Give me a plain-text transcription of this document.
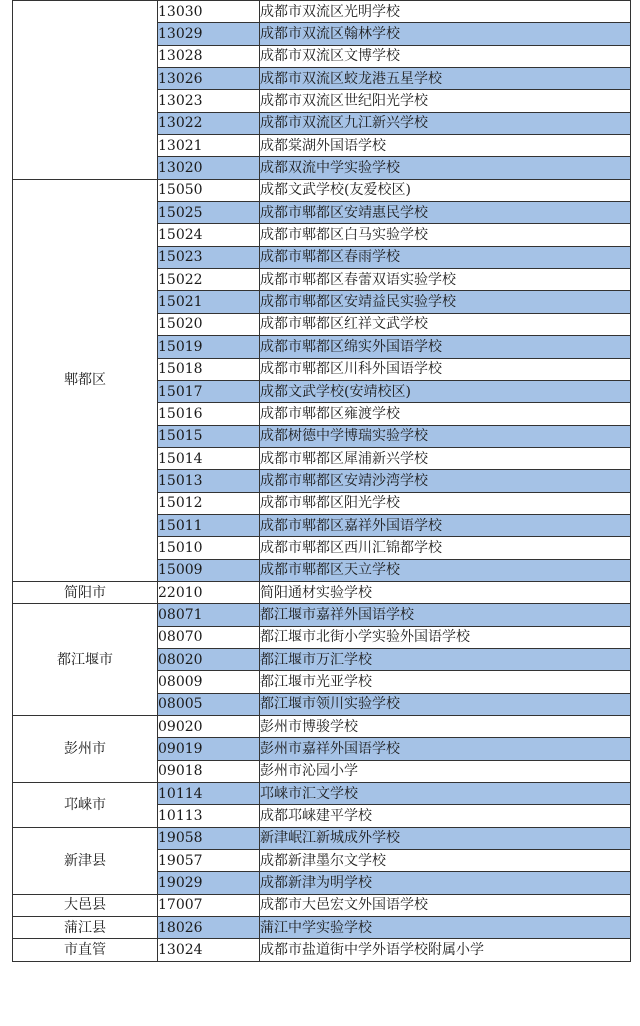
	13030	成都市双流区光明学校
	13029	成都市双流区翰林学校
	13028	成都市双流区文博学校
	13026	成都市双流区蛟龙港五星学校
	13023	成都市双流区世纪阳光学校
	13022	成都市双流区九江新兴学校
	13021	成都棠湖外国语学校
	13020	成都双流中学实验学校
郫都区	15050	成都文武学校(友爱校区)
	15025	成都市郫都区安靖惠民学校
	15024	成都市郫都区白马实验学校
	15023	成都市郫都区春雨学校
	15022	成都市郫都区春蕾双语实验学校
	15021	成都市郫都区安靖益民实验学校
	15020	成都市郫都区红祥文武学校
	15019	成都市郫都区绵实外国语学校
	15018	成都市郫都区川科外国语学校
	15017	成都文武学校(安靖校区)
	15016	成都市郫都区雍渡学校
	15015	成都树德中学博瑞实验学校
	15014	成都市郫都区犀浦新兴学校
	15013	成都市郫都区安靖沙湾学校
	15012	成都市郫都区阳光学校
	15011	成都市郫都区嘉祥外国语学校
	15010	成都市郫都区西川汇锦都学校
	15009	成都市郫都区天立学校
简阳市	22010	简阳通材实验学校
都江堰市	08071	都江堰市嘉祥外国语学校
	08070	都江堰市北街小学实验外国语学校
	08020	都江堰市万汇学校
	08009	都江堰市光亚学校
	08005	都江堰市领川实验学校
彭州市	09020	彭州市博骏学校
	09019	彭州市嘉祥外国语学校
	09018	彭州市沁园小学
邛崃市	10114	邛崃市汇文学校
	10113	成都邛崃建平学校
新津县	19058	新津岷江新城成外学校
	19057	成都新津墨尔文学校
	19029	成都新津为明学校
大邑县	17007	成都市大邑宏文外国语学校
蒲江县	18026	蒲江中学实验学校
市直管	13024	成都市盐道街中学外语学校附属小学
